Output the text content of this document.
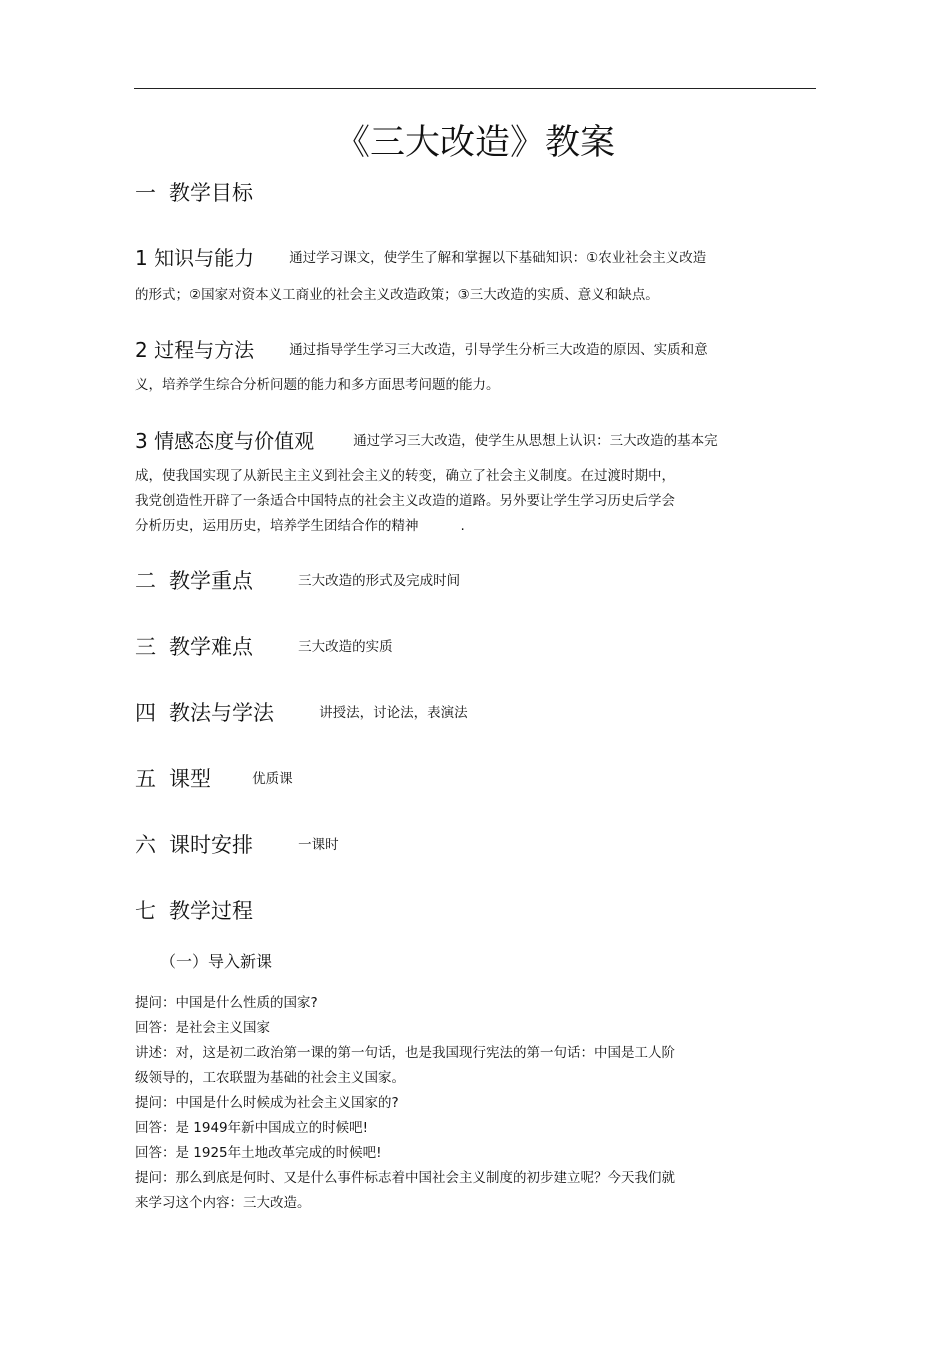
《三大改造》教案
一 教学目标
1 知识与能力	通过学习课文，使学生了解和掌握以下基础知识：①农业社会主义改造
的形式；②国家对资本义工商业的社会主义改造政策；③三大改造的实质、意义和缺点。
2 过程与方法	通过指导学生学习三大改造，引导学生分析三大改造的原因、实质和意
义，培养学生综合分析问题的能力和多方面思考问题的能力。
3 情感态度与价值观	通过学习三大改造，使学生从思想上认识：三大改造的基本完
成，使我国实现了从新民主主义到社会主义的转变，确立了社会主义制度。在过渡时期中，
我党创造性开辟了一条适合中国特点的社会主义改造的道路。另外要让学生学习历史后学会
分析历史，运用历史，培养学生团结合作的精神	.
二 教学重点	三大改造的形式及完成时间
三 教学难点	三大改造的实质
四 教法与学法	讲授法，讨论法，表演法
五 课型	优质课
六 课时安排	一课时
七 教学过程
（一）导入新课
提问：中国是什么性质的国家?
回答：是社会主义国家
讲述：对，这是初二政治第一课的第一句话，也是我国现行宪法的第一句话：中国是工人阶
级领导的，工农联盟为基础的社会主义国家。
提问：中国是什么时候成为社会主义国家的?
回答：是 1949年新中国成立的时候吧!
回答：是 1925年土地改革完成的时候吧!
提问：那么到底是何时、又是什么事件标志着中国社会主义制度的初步建立呢？今天我们就
来学习这个内容：三大改造。
